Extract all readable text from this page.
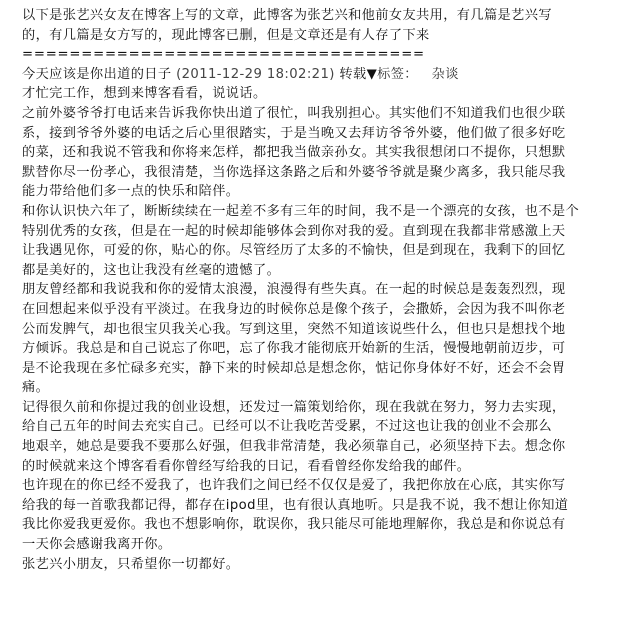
以下是张艺兴女友在博客上写的文章，此博客为张艺兴和他前女友共用，有几篇是艺兴写
的，有几篇是女方写的，现此博客已删，但是文章还是有人存了下来
==================================
今天应该是你出道的日子 (2011-12-29 18:02:21) 转载▼标签： 杂谈
才忙完工作，想到来博客看看，说说话。
之前外婆爷爷打电话来告诉我你快出道了很忙，叫我别担心。其实他们不知道我们也很少联
系，接到爷爷外婆的电话之后心里很踏实，于是当晚又去拜访爷爷外婆，他们做了很多好吃
的菜，还和我说不管我和你将来怎样，都把我当做亲孙女。其实我很想闭口不提你，只想默
默替你尽一份孝心，我很清楚，当你选择这条路之后和外婆爷爷就是聚少离多，我只能尽我
能力带给他们多一点的快乐和陪伴。
和你认识快六年了，断断续续在一起差不多有三年的时间，我不是一个漂亮的女孩，也不是个
特别优秀的女孩，但是在一起的时候却能够体会到你对我的爱。直到现在我都非常感激上天
让我遇见你，可爱的你，贴心的你。尽管经历了太多的不愉快，但是到现在，我剩下的回忆
都是美好的，这也让我没有丝毫的遗憾了。
朋友曾经都和我说我和你的爱情太浪漫，浪漫得有些失真。在一起的时候总是轰轰烈烈，现
在回想起来似乎没有平淡过。在我身边的时候你总是像个孩子，会撒娇，会因为我不叫你老
公而发脾气，却也很宝贝我关心我。写到这里，突然不知道该说些什么，但也只是想找个地
方倾诉。我总是和自己说忘了你吧，忘了你我才能彻底开始新的生活，慢慢地朝前迈步，可
是不论我现在多忙碌多充实，静下来的时候却总是想念你，惦记你身体好不好，还会不会胃
痛。
记得很久前和你提过我的创业设想，还发过一篇策划给你，现在我就在努力，努力去实现，
给自己五年的时间去充实自己。已经可以不让我吃苦受累，不过这也让我的创业不会那么
地艰辛，她总是要我不要那么好强，但我非常清楚，我必须靠自己，必须坚持下去。想念你
的时候就来这个博客看看你曾经写给我的日记，看看曾经你发给我的邮件。
也许现在的你已经不爱我了，也许我们之间已经不仅仅是爱了，我把你放在心底，其实你写
给我的每一首歌我都记得，都存在ipod里，也有很认真地听。只是我不说，我不想让你知道
我比你爱我更爱你。我也不想影响你，耽误你，我只能尽可能地理解你，我总是和你说总有
一天你会感谢我离开你。
张艺兴小朋友，只希望你一切都好。
